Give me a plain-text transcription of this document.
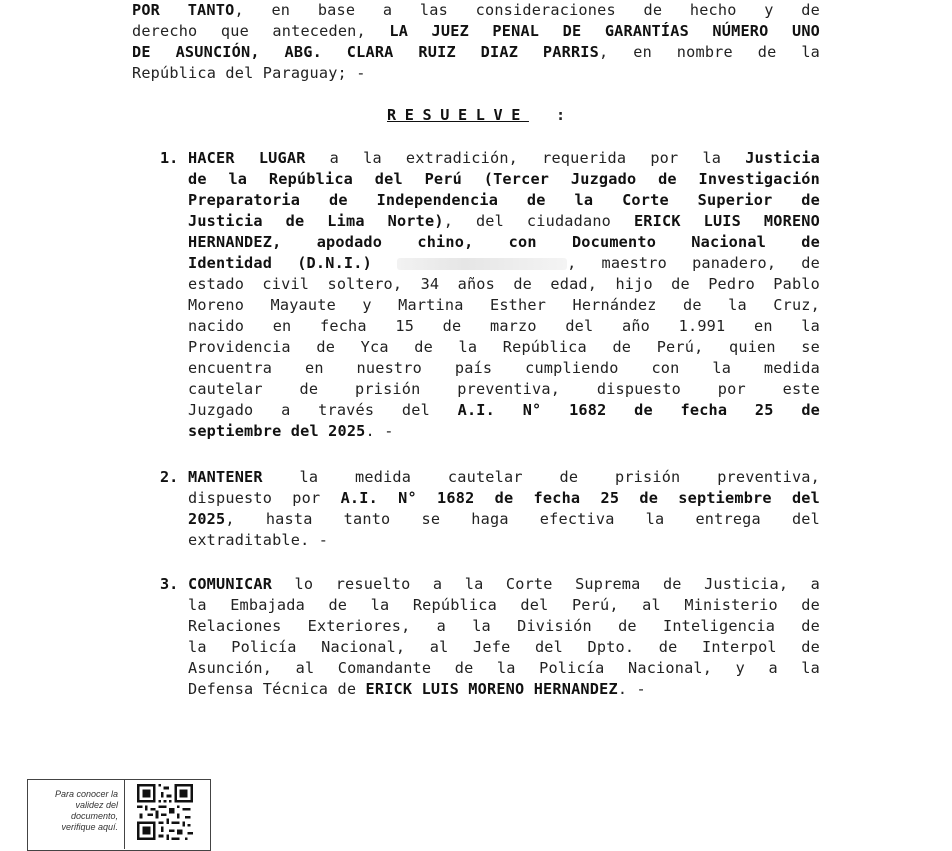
POR TANTO, en base a las consideraciones de hecho y de
derecho que anteceden, LA JUEZ PENAL DE GARANTÍAS NÚMERO UNO
DE ASUNCIÓN, ABG. CLARA RUIZ DIAZ PARRIS, en nombre de la
República del Paraguay; -
RESUELVE :
1. HACER LUGAR a la extradición, requerida por la Justicia
de la República del Perú (Tercer Juzgado de Investigación
Preparatoria de Independencia de la Corte Superior de
Justicia de Lima Norte), del ciudadano ERICK LUIS MORENO
HERNANDEZ, apodado chino, con Documento Nacional de
Identidad (D.N.I.)	, maestro panadero, de
estado civil soltero, 34 años de edad, hijo de Pedro Pablo
Moreno Mayaute y Martina Esther Hernández de la Cruz,
nacido en fecha 15 de marzo del año 1.991 en la
Providencia de Yca de la República de Perú, quien se
encuentra en nuestro país cumpliendo con la medida
cautelar de prisión preventiva, dispuesto por este
Juzgado a través del A.I. N° 1682 de fecha 25 de
septiembre del 2025. -
2. MANTENER la medida cautelar de prisión preventiva,
dispuesto por A.I. N° 1682 de fecha 25 de septiembre del
2025, hasta tanto se haga efectiva la entrega del
extraditable. -
3. COMUNICAR lo resuelto a la Corte Suprema de Justicia, a
la Embajada de la República del Perú, al Ministerio de
Relaciones Exteriores, a la División de Inteligencia de
la Policía Nacional, al Jefe del Dpto. de Interpol de
Asunción, al Comandante de la Policía Nacional, y a la
Defensa Técnica de ERICK LUIS MORENO HERNANDEZ. -
Para conocer la
validez del
documento,
verifique aquí.
